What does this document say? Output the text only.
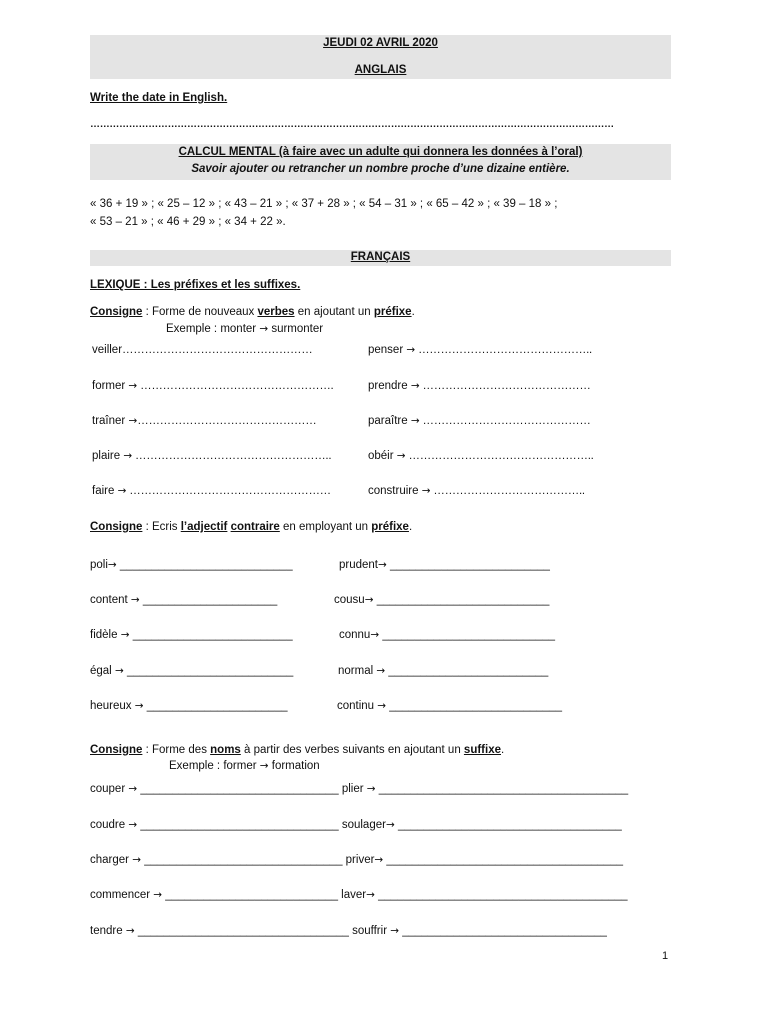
JEUDI 02 AVRIL 2020
ANGLAIS
Write the date in English.
………………………………………………………………………………………………………………………………………………
CALCUL MENTAL (à faire avec un adulte qui donnera les données à l’oral)
Savoir ajouter ou retrancher un nombre proche d’une dizaine entière.
« 36 + 19 » ; « 25 – 12 » ; « 43 – 21 » ; « 37 + 28 » ; « 54 – 31 » ; « 65 – 42 » ; « 39 – 18 » ;
« 53 – 21 » ; « 46 + 29 » ; « 34 + 22 ».
FRANÇAIS
LEXIQUE : Les préfixes et les suffixes.
Consigne : Forme de nouveaux verbes en ajoutant un préfixe.
Exemple : monter → surmonter
veiller……………………………………………	penser → ………………………………………..
former → …………………………………………….	prendre → ………………………………………
traîner →…………………………………………	paraître → ………………………………………
plaire → ……………………………………………..	obéir → …………………………………………..
faire → ………………………………………………	construire → …………………………………..
Consigne : Ecris l’adjectif contraire en employant un préfixe.
poli→ ___________________________	prudent→ _________________________
content → _____________________	cousu→ ___________________________
fidèle → _________________________	connu→ ___________________________
égal → __________________________	normal → _________________________
heureux → ______________________	continu → ___________________________
Consigne : Forme des noms à partir des verbes suivants en ajoutant un suffixe.
Exemple : former → formation
couper → _______________________________ plier → _______________________________________
coudre → _______________________________ soulager→ ___________________________________
charger → _______________________________ priver→ _____________________________________
commencer → ___________________________ laver→ _______________________________________
tendre → _________________________________ souffrir → ________________________________
1
